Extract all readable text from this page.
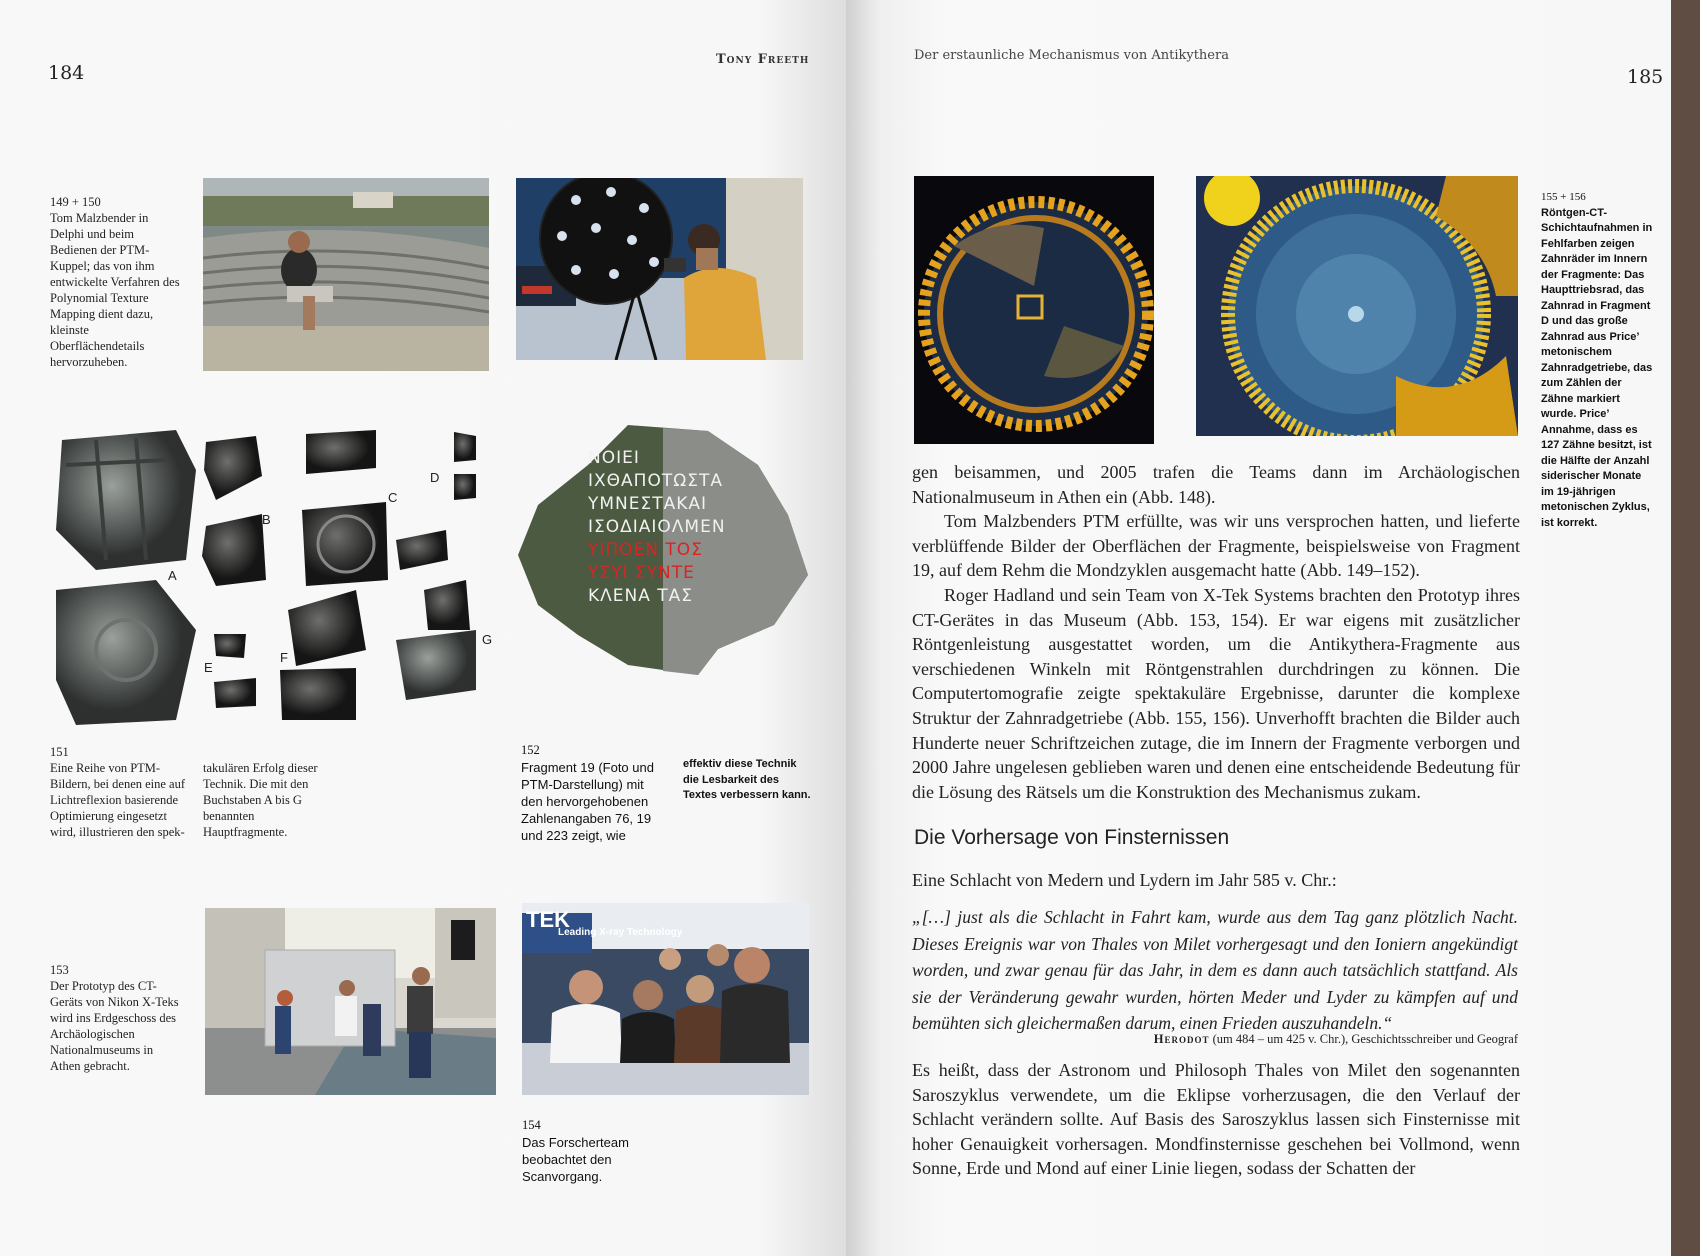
184
Tony Freeth
149 + 150
Tom Malzbender in Delphi und beim Bedienen der PTM-Kuppel; das von ihm entwickelte Verfahren des Polynomial Texture Mapping dient dazu, kleinste Oberflächendetails hervorzuheben.
A
B
C
D
E
F
G
ΝΟΙΕΙ
ΙΧΘΑΠΟΤΩΣΤΑ
ΥΜΝΕΣΤΑΚΑΙ
ΙΣΟΔΙΑΙΟΛΜΕΝ
ΥΙΠΟΕΝ ΤΟΣ
ΥΣΥΙ ΣΥΝΤΕ
ΚΛΕΝΑ ΤΑΣ
151
Eine Reihe von PTM-Bildern, bei denen eine auf Lichtreflexion basierende Optimierung eingesetzt wird, illustrieren den spek-
takulären Erfolg dieser Technik. Die mit den Buchstaben A bis G benannten Hauptfragmente.
152
Fragment 19 (Foto und PTM-Darstellung) mit den hervorgehobenen Zahlenangaben 76, 19 und 223 zeigt, wie
effektiv diese Technik die Lesbarkeit des Textes verbessern kann.
153
Der Prototyp des CT-Geräts von Nikon X-Teks wird ins Erdgeschoss des Archäologischen Nationalmuseums in Athen gebracht.
Leading X-ray Technology
TEK
154
Das Forscherteam beobachtet den Scanvorgang.
Der erstaunliche Mechanismus von Antikythera
185
155 + 156
Röntgen-CT-Schichtaufnahmen in Fehlfarben zeigen Zahnräder im Innern der Fragmente: Das Haupttriebsrad, das Zahnrad in Fragment D und das große Zahnrad aus Price’ metonischem Zahnradgetriebe, das zum Zählen der Zähne markiert wurde. Price’ Annahme, dass es 127 Zähne besitzt, ist die Hälfte der Anzahl siderischer Monate im 19-jährigen metonischen Zyklus, ist korrekt.

gen beisammen, und 2005 trafen die Teams dann im Archäologischen Nationalmuseum in Athen ein (Abb. 148).

Tom Malzbenders PTM erfüllte, was wir uns versprochen hatten, und lieferte verblüffende Bilder der Oberflächen der Fragmente, beispielsweise von Fragment 19, auf dem Rehm die Mondzyklen ausgemacht hatte (Abb. 149–152).

Roger Hadland und sein Team von X-Tek Systems brachten den Prototyp ihres CT-Gerätes in das Museum (Abb. 153, 154). Er war eigens mit zusätzlicher Röntgenleistung ausgestattet worden, um die Antikythera-Fragmente aus verschiedenen Winkeln mit Röntgenstrahlen durchdringen zu können. Die Computertomografie zeigte spektakuläre Ergebnisse, darunter die komplexe Struktur der Zahnradgetriebe (Abb. 155, 156). Unverhofft brachten die Bilder auch Hunderte neuer Schriftzeichen zutage, die im Innern der Fragmente verborgen und 2000 Jahre ungelesen geblieben waren und denen eine entscheidende Bedeutung für die Lösung des Rätsels um die Konstruktion des Mechanismus zukam.

Die Vorhersage von Finsternissen
Eine Schlacht von Medern und Lydern im Jahr 585 v. Chr.:
„[…] just als die Schlacht in Fahrt kam, wurde aus dem Tag ganz plötzlich Nacht. Dieses Ereignis war von Thales von Milet vorhergesagt und den Ioniern angekündigt worden, und zwar genau für das Jahr, in dem es dann auch tatsächlich stattfand. Als sie der Veränderung gewahr wurden, hörten Meder und Lyder zu kämpfen auf und bemühten sich gleichermaßen darum, einen Frieden auszuhandeln.“
Herodot (um 484 – um 425 v. Chr.), Geschichtsschreiber und Geograf

Es heißt, dass der Astronom und Philosoph Thales von Milet den sogenannten Saroszyklus verwendete, um die Eklipse vorherzusagen, die den Verlauf der Schlacht verändern sollte. Auf Basis des Saroszyklus lassen sich Finsternisse mit hoher Genauigkeit vorhersagen. Mondfinsternisse geschehen bei Vollmond, wenn Sonne, Erde und Mond auf einer Linie liegen, sodass der Schatten der
